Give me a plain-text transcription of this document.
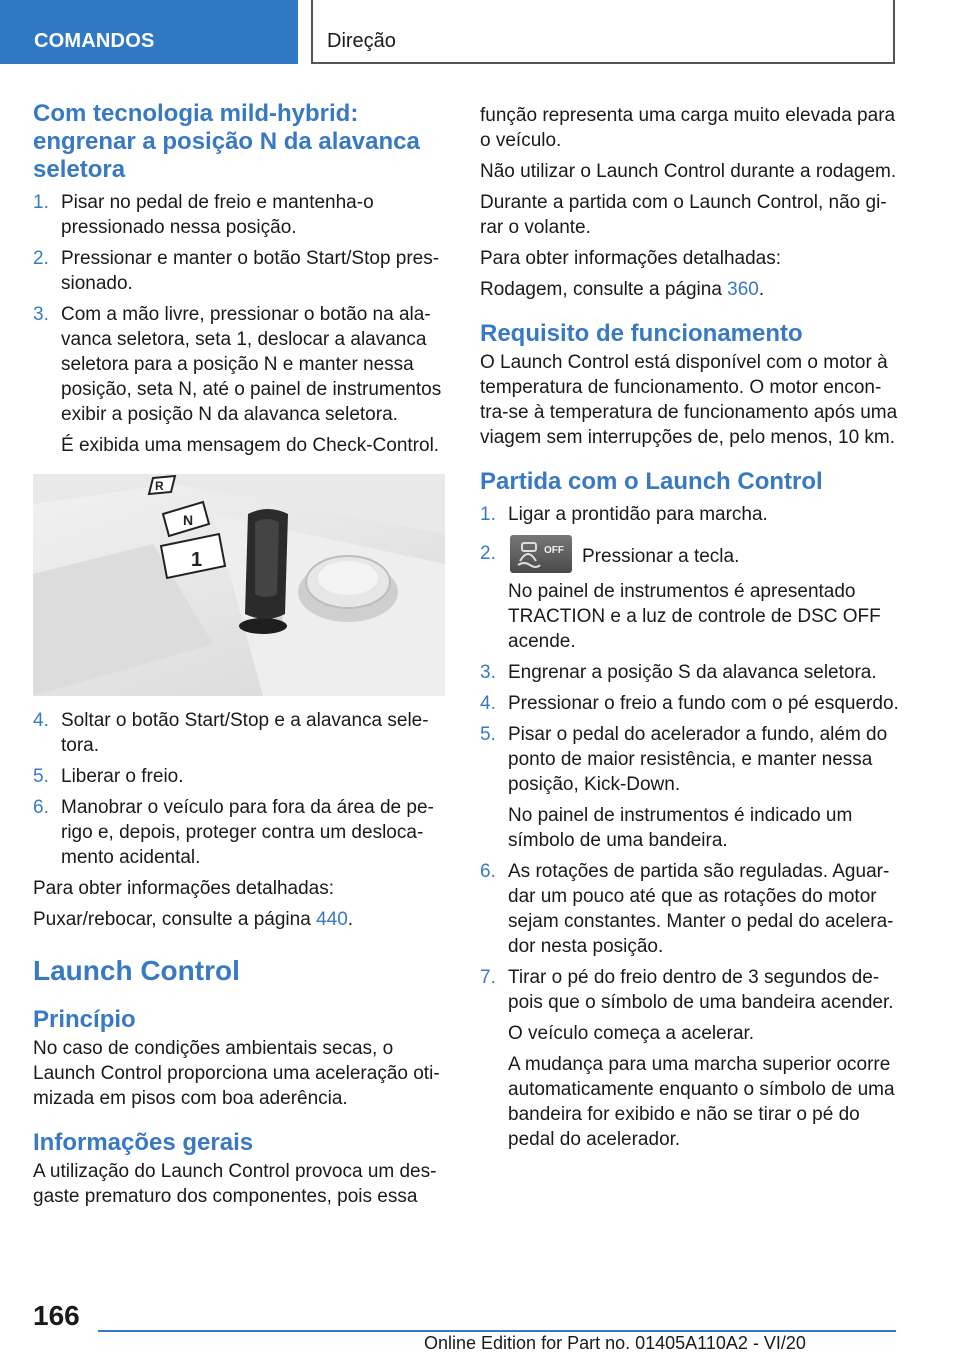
COMANDOS	Direção
Com tecnologia mild-hybrid: engrenar a posição N da alavanca seletora
1. Pisar no pedal de freio e mantenha-o pressionado nessa posição.

2. Pressionar e manter o botão Start/Stop pressionado.

3. Com a mão livre, pressionar o botão na alavanca seletora, seta 1, deslocar a alavanca seletora para a posição N e manter nessa posição, seta N, até o painel de instrumentos exibir a posição N da alavanca seletora.

É exibida uma mensagem do Check-Control.

R
N
1
4. Soltar o botão Start/Stop e a alavanca seletora.

5. Liberar o freio.

6. Manobrar o veículo para fora da área de perigo e, depois, proteger contra um deslocamento acidental.

Para obter informações detalhadas:

Puxar/rebocar, consulte a página 440.

Launch Control
Princípio

No caso de condições ambientais secas, o Launch Control proporciona uma aceleração otimizada em pisos com boa aderência.

Informações gerais

A utilização do Launch Control provoca um desgaste prematuro dos componentes, pois essa

função representa uma carga muito elevada para o veículo.

Não utilizar o Launch Control durante a rodagem.

Durante a partida com o Launch Control, não girar o volante.

Para obter informações detalhadas:

Rodagem, consulte a página 360.

Requisito de funcionamento

O Launch Control está disponível com o motor à temperatura de funcionamento. O motor encontra-se à temperatura de funcionamento após uma viagem sem interrupções de, pelo menos, 10 km.

Partida com o Launch Control
1. Ligar a prontidão para marcha.

2.	OFF Pressionar a tecla.

No painel de instrumentos é apresentado TRACTION e a luz de controle de DSC OFF acende.

3. Engrenar a posição S da alavanca seletora.

4. Pressionar o freio a fundo com o pé esquerdo.

5. Pisar o pedal do acelerador a fundo, além do ponto de maior resistência, e manter nessa posição, Kick-Down.

No painel de instrumentos é indicado um símbolo de uma bandeira.

6. As rotações de partida são reguladas. Aguardar um pouco até que as rotações do motor sejam constantes. Manter o pedal do acelerador nesta posição.

7. Tirar o pé do freio dentro de 3 segundos depois que o símbolo de uma bandeira acender.

O veículo começa a acelerar.

A mudança para uma marcha superior ocorre automaticamente enquanto o símbolo de uma bandeira for exibido e não se tirar o pé do pedal do acelerador.

166
Online Edition for Part no. 01405A110A2 - VI/20
